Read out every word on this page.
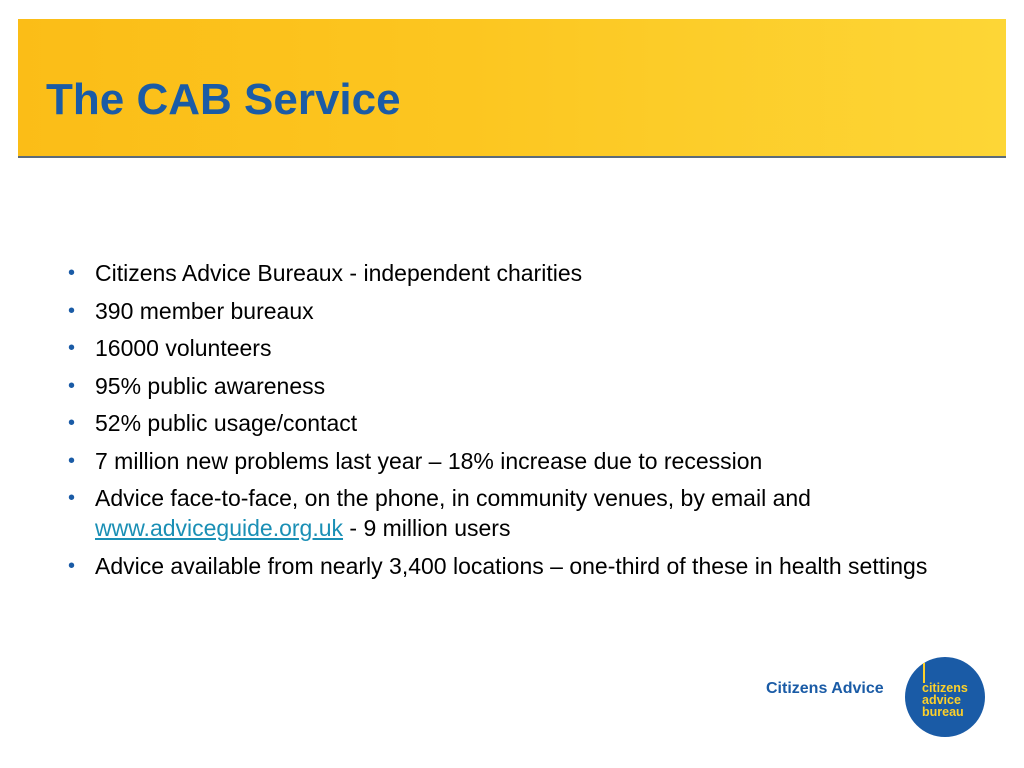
The CAB Service
• Citizens Advice Bureaux - independent charities
• 390 member bureaux
• 16000 volunteers
• 95% public awareness
• 52% public usage/contact
• 7 million new problems last year – 18% increase due to recession
• Advice face-to-face, on the phone, in community venues, by email and www.adviceguide.org.uk - 9 million users
• Advice available from nearly 3,400 locations – one-third of these in health settings
Citizens Advice	citizens
advice
bureau
